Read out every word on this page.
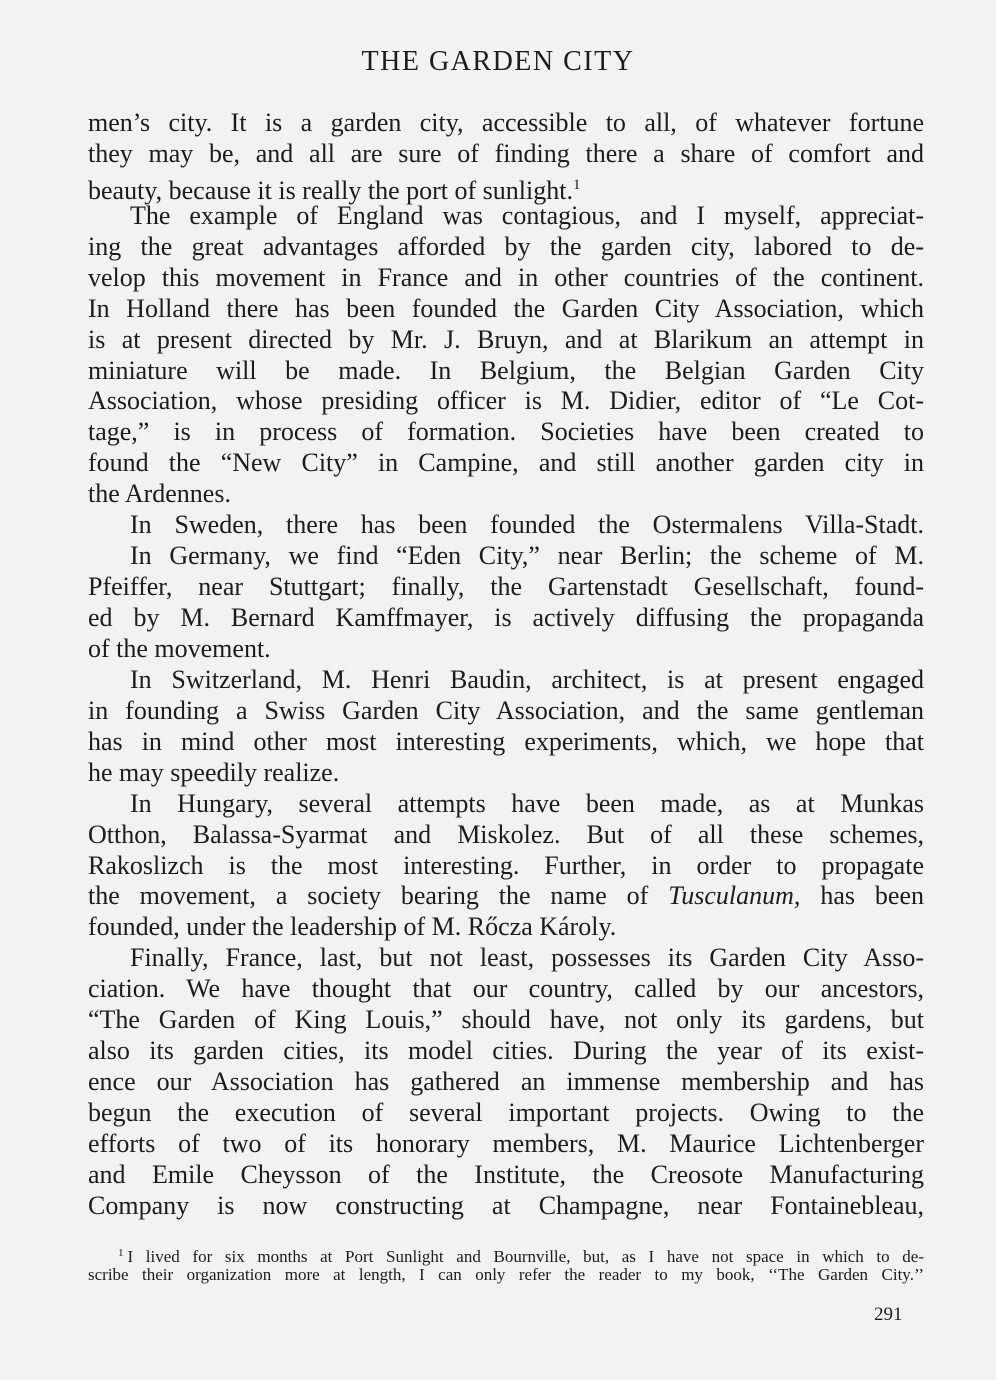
THE GARDEN CITY
men’s city. It is a garden city, accessible to all, of whatever fortune
they may be, and all are sure of finding there a share of comfort and
beauty, because it is really the port of sunlight.$^1$
The example of England was contagious, and I myself, appreciat-
ing the great advantages afforded by the garden city, labored to de-
velop this movement in France and in other countries of the continent.
In Holland there has been founded the Garden City Association, which
is at present directed by Mr. J. Bruyn, and at Blarikum an attempt in
miniature will be made. In Belgium, the Belgian Garden City
Association, whose presiding officer is M. Didier, editor of “Le Cot-
tage,” is in process of formation. Societies have been created to
found the “New City” in Campine, and still another garden city in
the Ardennes.
In Sweden, there has been founded the Ostermalens Villa-Stadt.
In Germany, we find “Eden City,” near Berlin; the scheme of M.
Pfeiffer, near Stuttgart; finally, the Gartenstadt Gesellschaft, found-
ed by M. Bernard Kamffmayer, is actively diffusing the propaganda
of the movement.
In Switzerland, M. Henri Baudin, architect, is at present engaged
in founding a Swiss Garden City Association, and the same gentleman
has in mind other most interesting experiments, which, we hope that
he may speedily realize.
In Hungary, several attempts have been made, as at Munkas
Otthon, Balassa-Syarmat and Miskolez. But of all these schemes,
Rakoslizch is the most interesting. Further, in order to propagate
the movement, a society bearing the name of Tusculanum, has been
founded, under the leadership of M. Rőcza Károly.
Finally, France, last, but not least, possesses its Garden City Asso-
ciation. We have thought that our country, called by our ancestors,
“The Garden of King Louis,” should have, not only its gardens, but
also its garden cities, its model cities. During the year of its exist-
ence our Association has gathered an immense membership and has
begun the execution of several important projects. Owing to the
efforts of two of its honorary members, M. Maurice Lichtenberger
and Emile Cheysson of the Institute, the Creosote Manufacturing
Company is now constructing at Champagne, near Fontainebleau,
$^1$ I lived for six months at Port Sunlight and Bournville, but, as I have not space in which to de-
scribe their organization more at length, I can only refer the reader to my book, ‘‘The Garden City.’’
291
